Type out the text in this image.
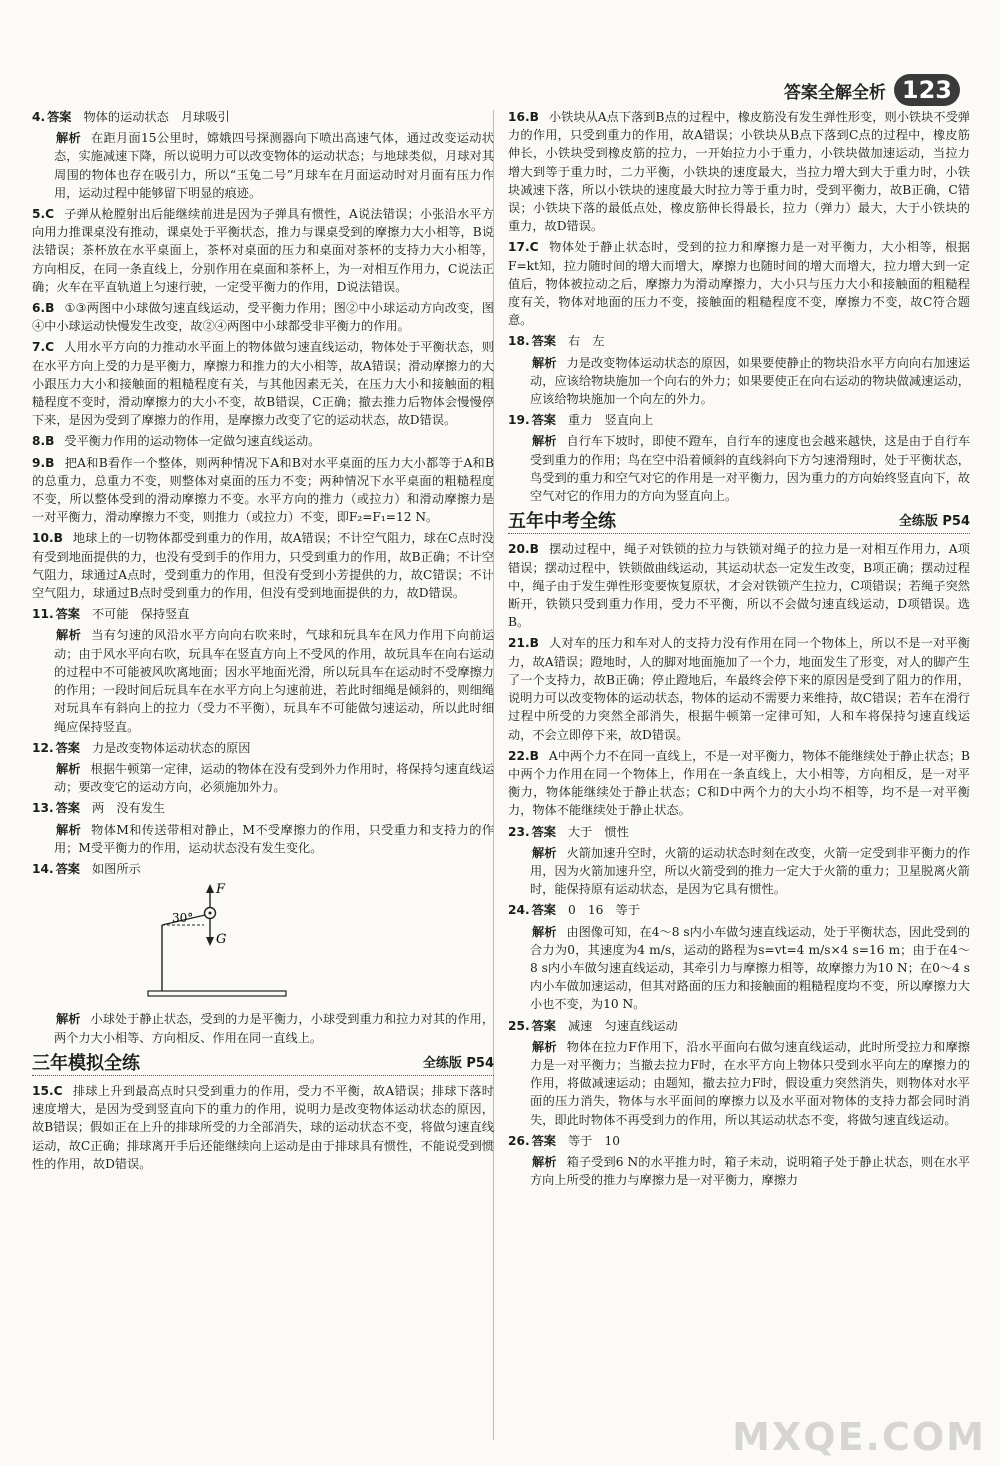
答案全解全析 123
4. 答案 物体的运动状态　月球吸引
解析 在距月面15公里时，嫦娥四号探测器向下喷出高速气体，通过改变运动状态，实施减速下降，所以说明力可以改变物体的运动状态；与地球类似，月球对其周围的物体也存在吸引力，所以“玉兔二号”月球车在月面运动时对月面有压力作用，运动过程中能够留下明显的痕迹。
5.C 子弹从枪膛射出后能继续前进是因为子弹具有惯性，A说法错误；小张沿水平方向用力推课桌没有推动，课桌处于平衡状态，推力与课桌受到的摩擦力大小相等，B说法错误；茶杯放在水平桌面上，茶杯对桌面的压力和桌面对茶杯的支持力大小相等，方向相反，在同一条直线上，分别作用在桌面和茶杯上，为一对相互作用力，C说法正确；火车在平直轨道上匀速行驶，一定受平衡力的作用，D说法错误。
6.B ①③两图中小球做匀速直线运动，受平衡力作用；图②中小球运动方向改变，图④中小球运动快慢发生改变，故②④两图中小球都受非平衡力的作用。
7.C 人用水平方向的力推动水平面上的物体做匀速直线运动，物体处于平衡状态，则在水平方向上受的力是平衡力，摩擦力和推力的大小相等，故A错误；滑动摩擦力的大小跟压力大小和接触面的粗糙程度有关，与其他因素无关，在压力大小和接触面的粗糙程度不变时，滑动摩擦力的大小不变，故B错误，C正确；撤去推力后物体会慢慢停下来，是因为受到了摩擦力的作用，是摩擦力改变了它的运动状态，故D错误。
8.B 受平衡力作用的运动物体一定做匀速直线运动。
9.B 把A和B看作一个整体，则两种情况下A和B对水平桌面的压力大小都等于A和B的总重力，总重力不变，则整体对桌面的压力不变；两种情况下水平桌面的粗糙程度不变，所以整体受到的滑动摩擦力不变。水平方向的推力（或拉力）和滑动摩擦力是一对平衡力，滑动摩擦力不变，则推力（或拉力）不变，即F₂=F₁=12 N。
10.B 地球上的一切物体都受到重力的作用，故A错误；不计空气阻力，球在C点时没有受到地面提供的力，也没有受到手的作用力，只受到重力的作用，故B正确；不计空气阻力，球通过A点时，受到重力的作用，但没有受到小芳提供的力，故C错误；不计空气阻力，球通过B点时受到重力的作用，但没有受到地面提供的力，故D错误。
11. 答案 不可能　保持竖直
解析 当有匀速的风沿水平方向向右吹来时，气球和玩具车在风力作用下向前运动；由于风水平向右吹，玩具车在竖直方向上不受风的作用，故玩具车在向右运动的过程中不可能被风吹离地面；因水平地面光滑，所以玩具车在运动时不受摩擦力的作用；一段时间后玩具车在水平方向上匀速前进，若此时细绳是倾斜的，则细绳对玩具车有斜向上的拉力（受力不平衡），玩具车不可能做匀速运动，所以此时细绳应保持竖直。
12. 答案 力是改变物体运动状态的原因
解析 根据牛顿第一定律，运动的物体在没有受到外力作用时，将保持匀速直线运动；要改变它的运动方向，必须施加外力。
13. 答案 两　没有发生
解析 物体M和传送带相对静止，M不受摩擦力的作用，只受重力和支持力的作用；M受平衡力的作用，运动状态没有发生变化。
14. 答案 如图所示
F
G
30°
解析 小球处于静止状态，受到的力是平衡力，小球受到重力和拉力对其的作用，两个力大小相等、方向相反、作用在同一直线上。
三年模拟全练	全练版 P54
15.C 排球上升到最高点时只受到重力的作用，受力不平衡，故A错误；排球下落时速度增大，是因为受到竖直向下的重力的作用，说明力是改变物体运动状态的原因，故B错误；假如正在上升的排球所受的力全部消失，球的运动状态不变，将做匀速直线运动，故C正确；排球离开手后还能继续向上运动是由于排球具有惯性，不能说受到惯性的作用，故D错误。
16.B 小铁块从A点下落到B点的过程中，橡皮筋没有发生弹性形变，则小铁块不受弹力的作用，只受到重力的作用，故A错误；小铁块从B点下落到C点的过程中，橡皮筋伸长，小铁块受到橡皮筋的拉力，一开始拉力小于重力，小铁块做加速运动，当拉力增大到等于重力时，二力平衡，小铁块的速度最大，当拉力增大到大于重力时，小铁块减速下落，所以小铁块的速度最大时拉力等于重力时，受到平衡力，故B正确，C错误；小铁块下落的最低点处，橡皮筋伸长得最长，拉力（弹力）最大，大于小铁块的重力，故D错误。
17.C 物体处于静止状态时，受到的拉力和摩擦力是一对平衡力，大小相等，根据F=kt知，拉力随时间的增大而增大，摩擦力也随时间的增大而增大，拉力增大到一定值后，物体被拉动之后，摩擦力为滑动摩擦力，大小只与压力大小和接触面的粗糙程度有关，物体对地面的压力不变，接触面的粗糙程度不变，摩擦力不变，故C符合题意。
18. 答案 右　左
解析 力是改变物体运动状态的原因，如果要使静止的物块沿水平方向向右加速运动，应该给物块施加一个向右的外力；如果要使正在向右运动的物块做减速运动，应该给物块施加一个向左的外力。
19. 答案 重力　竖直向上
解析 自行车下坡时，即使不蹬车，自行车的速度也会越来越快，这是由于自行车受到重力的作用；鸟在空中沿着倾斜的直线斜向下方匀速滑翔时，处于平衡状态，鸟受到的重力和空气对它的作用是一对平衡力，因为重力的方向始终竖直向下，故空气对它的作用力的方向为竖直向上。
五年中考全练	全练版 P54
20.B 摆动过程中，绳子对铁锁的拉力与铁锁对绳子的拉力是一对相互作用力，A项错误；摆动过程中，铁锁做曲线运动，其运动状态一定发生改变，B项正确；摆动过程中，绳子由于发生弹性形变要恢复原状，才会对铁锁产生拉力，C项错误；若绳子突然断开，铁锁只受到重力作用，受力不平衡，所以不会做匀速直线运动，D项错误。选B。
21.B 人对车的压力和车对人的支持力没有作用在同一个物体上，所以不是一对平衡力，故A错误；蹬地时，人的脚对地面施加了一个力，地面发生了形变，对人的脚产生了一个支持力，故B正确；停止蹬地后，车最终会停下来的原因是受到了阻力的作用，说明力可以改变物体的运动状态，物体的运动不需要力来维持，故C错误；若车在滑行过程中所受的力突然全部消失，根据牛顿第一定律可知，人和车将保持匀速直线运动，不会立即停下来，故D错误。
22.B A中两个力不在同一直线上，不是一对平衡力，物体不能继续处于静止状态；B中两个力作用在同一个物体上，作用在一条直线上，大小相等，方向相反，是一对平衡力，物体能继续处于静止状态；C和D中两个力的大小均不相等，均不是一对平衡力，物体不能继续处于静止状态。
23. 答案 大于　惯性
解析 火箭加速升空时，火箭的运动状态时刻在改变，火箭一定受到非平衡力的作用，因为火箭加速升空，所以火箭受到的推力一定大于火箭的重力；卫星脱离火箭时，能保持原有运动状态，是因为它具有惯性。
24. 答案 0　16　等于
解析 由图像可知，在4～8 s内小车做匀速直线运动，处于平衡状态，因此受到的合力为0，其速度为4 m/s，运动的路程为s=vt=4 m/s×4 s=16 m；由于在4～8 s内小车做匀速直线运动，其牵引力与摩擦力相等，故摩擦力为10 N；在0～4 s内小车做加速运动，但其对路面的压力和接触面的粗糙程度均不变，所以摩擦力大小也不变，为10 N。
25. 答案 减速　匀速直线运动
解析 物体在拉力F作用下，沿水平面向右做匀速直线运动，此时所受拉力和摩擦力是一对平衡力；当撤去拉力F时，在水平方向上物体只受到水平向左的摩擦力的作用，将做减速运动；由题知，撤去拉力F时，假设重力突然消失，则物体对水平面的压力消失，物体与水平面间的摩擦力以及水平面对物体的支持力都会同时消失，即此时物体不再受到力的作用，所以其运动状态不变，将做匀速直线运动。
26. 答案 等于　10
解析 箱子受到6 N的水平推力时，箱子未动，说明箱子处于静止状态，则在水平方向上所受的推力与摩擦力是一对平衡力，摩擦力
MXQE.COM
